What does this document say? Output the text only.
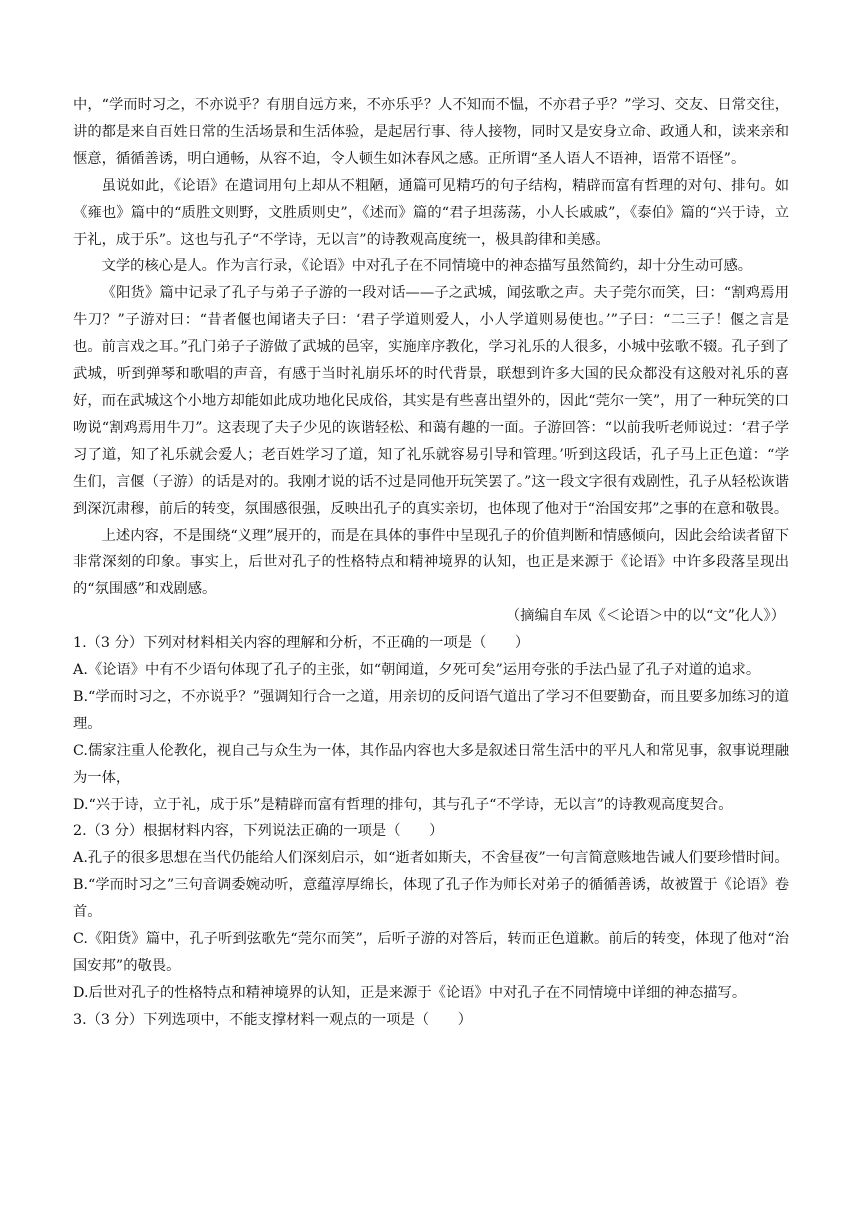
中，“学而时习之，不亦说乎？有朋自远方来，不亦乐乎？人不知而不愠，不亦君子乎？”学习、交友、日常交往，讲的都是来自百姓日常的生活场景和生活体验，是起居行事、待人接物，同时又是安身立命、政通人和，读来亲和惬意，循循善诱，明白通畅，从容不迫，令人顿生如沐春风之感。正所谓“圣人语人不语神，语常不语怪”。

虽说如此，《论语》在遣词用句上却从不粗陋，通篇可见精巧的句子结构，精辟而富有哲理的对句、排句。如《雍也》篇中的“质胜文则野，文胜质则史”，《述而》篇的“君子坦荡荡，小人长戚戚”，《泰伯》篇的“兴于诗，立于礼，成于乐”。这也与孔子“不学诗，无以言”的诗教观高度统一，极具韵律和美感。

文学的核心是人。作为言行录，《论语》中对孔子在不同情境中的神态描写虽然简约，却十分生动可感。

《阳货》篇中记录了孔子与弟子子游的一段对话——子之武城，闻弦歌之声。夫子莞尔而笑，曰：“割鸡焉用牛刀？”子游对曰：“昔者偃也闻诸夫子曰：‘君子学道则爱人，小人学道则易使也。’”子曰：“二三子！偃之言是也。前言戏之耳。”孔门弟子子游做了武城的邑宰，实施庠序教化，学习礼乐的人很多，小城中弦歌不辍。孔子到了武城，听到弹琴和歌唱的声音，有感于当时礼崩乐坏的时代背景，联想到许多大国的民众都没有这般对礼乐的喜好，而在武城这个小地方却能如此成功地化民成俗，其实是有些喜出望外的，因此“莞尔一笑”，用了一种玩笑的口吻说“割鸡焉用牛刀”。这表现了夫子少见的诙谐轻松、和蔼有趣的一面。子游回答：“以前我听老师说过：‘君子学习了道，知了礼乐就会爱人；老百姓学习了道，知了礼乐就容易引导和管理。’听到这段话，孔子马上正色道：“学生们，言偃（子游）的话是对的。我刚才说的话不过是同他开玩笑罢了。”这一段文字很有戏剧性，孔子从轻松诙谐到深沉肃穆，前后的转变，氛围感很强，反映出孔子的真实亲切，也体现了他对于“治国安邦”之事的在意和敬畏。

上述内容，不是围绕“义理”展开的，而是在具体的事件中呈现孔子的价值判断和情感倾向，因此会给读者留下非常深刻的印象。事实上，后世对孔子的性格特点和精神境界的认知，也正是来源于《论语》中许多段落呈现出的“氛围感”和戏剧感。

（摘编自车凤《＜论语＞中的以“文”化人》）

1.（3 分）下列对材料相关内容的理解和分析，不正确的一项是（　　）

A.《论语》中有不少语句体现了孔子的主张，如“朝闻道，夕死可矣”运用夸张的手法凸显了孔子对道的追求。

B.“学而时习之，不亦说乎？”强调知行合一之道，用亲切的反问语气道出了学习不但要勤奋，而且要多加练习的道理。

C.儒家注重人伦教化，视自己与众生为一体，其作品内容也大多是叙述日常生活中的平凡人和常见事，叙事说理融为一体，

D.“兴于诗，立于礼，成于乐”是精辟而富有哲理的排句，其与孔子“不学诗，无以言”的诗教观高度契合。

2.（3 分）根据材料内容，下列说法正确的一项是（　　）

A.孔子的很多思想在当代仍能给人们深刻启示，如“逝者如斯夫，不舍昼夜”一句言简意赅地告诫人们要珍惜时间。

B.“学而时习之”三句音调委婉动听，意蕴淳厚绵长，体现了孔子作为师长对弟子的循循善诱，故被置于《论语》卷首。

C.《阳货》篇中，孔子听到弦歌先“莞尔而笑”，后听子游的对答后，转而正色道歉。前后的转变，体现了他对“治国安邦”的敬畏。

D.后世对孔子的性格特点和精神境界的认知，正是来源于《论语》中对孔子在不同情境中详细的神态描写。

3.（3 分）下列选项中，不能支撑材料一观点的一项是（　　）
